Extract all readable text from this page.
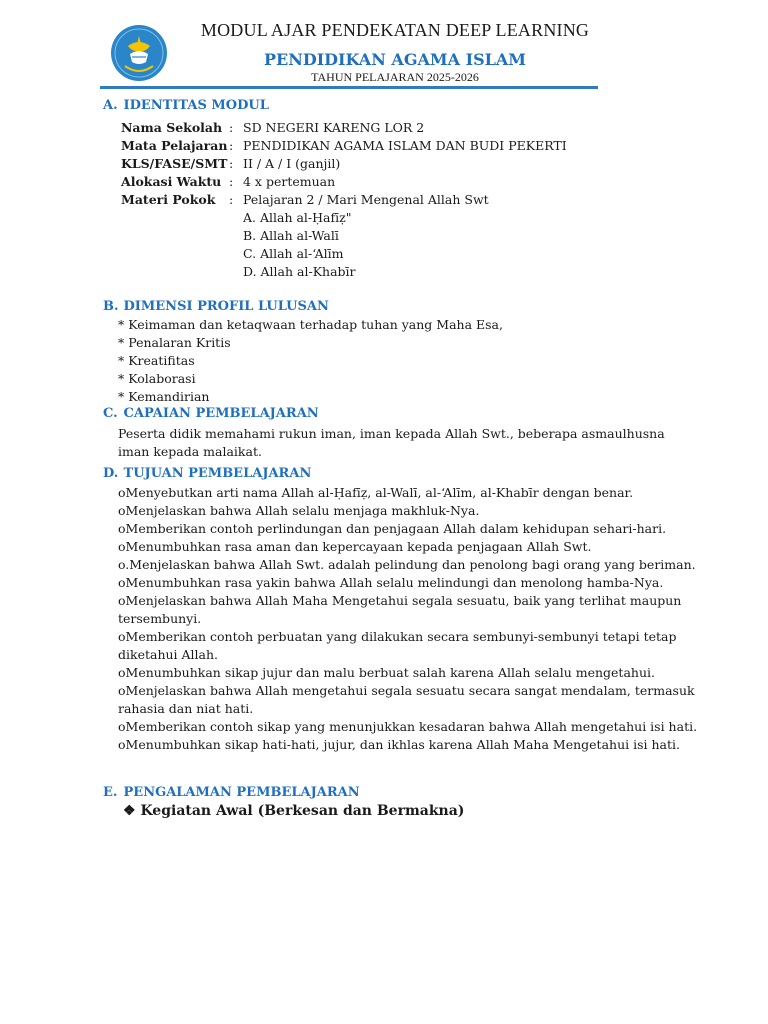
MODUL AJAR PENDEKATAN DEEP LEARNING
PENDIDIKAN AGAMA ISLAM
TAHUN PELAJARAN 2025-2026
A. IDENTITAS MODUL
Nama Sekolah : SD NEGERI KARENG LOR 2
Mata Pelajaran : PENDIDIKAN AGAMA ISLAM DAN BUDI PEKERTI
KLS/FASE/SMT : II / A / I (ganjil)
Alokasi Waktu : 4 x pertemuan
Materi Pokok : Pelajaran 2 / Mari Mengenal Allah Swt
A. Allah al-Ḥafīẓ"
B. Allah al-Walī
C. Allah al-‘Alīm
D. Allah al-Khabīr
B. DIMENSI PROFIL LULUSAN
* Keimaman dan ketaqwaan terhadap tuhan yang Maha Esa,
* Penalaran Kritis
* Kreatifitas
* Kolaborasi
* Kemandirian
C. CAPAIAN PEMBELAJARAN
Peserta didik memahami rukun iman, iman kepada Allah Swt., beberapa asmaulhusna
iman kepada malaikat.
D. TUJUAN PEMBELAJARAN
oMenyebutkan arti nama Allah al-Ḥafīẓ, al-Walī, al-‘Alīm, al-Khabīr dengan benar.
oMenjelaskan bahwa Allah selalu menjaga makhluk-Nya.
oMemberikan contoh perlindungan dan penjagaan Allah dalam kehidupan sehari-hari.
oMenumbuhkan rasa aman dan kepercayaan kepada penjagaan Allah Swt.
o.Menjelaskan bahwa Allah Swt. adalah pelindung dan penolong bagi orang yang beriman.
oMenumbuhkan rasa yakin bahwa Allah selalu melindungi dan menolong hamba-Nya.
oMenjelaskan bahwa Allah Maha Mengetahui segala sesuatu, baik yang terlihat maupun
tersembunyi.
oMemberikan contoh perbuatan yang dilakukan secara sembunyi-sembunyi tetapi tetap
diketahui Allah.
oMenumbuhkan sikap jujur dan malu berbuat salah karena Allah selalu mengetahui.
oMenjelaskan bahwa Allah mengetahui segala sesuatu secara sangat mendalam, termasuk
rahasia dan niat hati.
oMemberikan contoh sikap yang menunjukkan kesadaran bahwa Allah mengetahui isi hati.
oMenumbuhkan sikap hati-hati, jujur, dan ikhlas karena Allah Maha Mengetahui isi hati.
E. PENGALAMAN PEMBELAJARAN
❖ Kegiatan Awal (Berkesan dan Bermakna)
